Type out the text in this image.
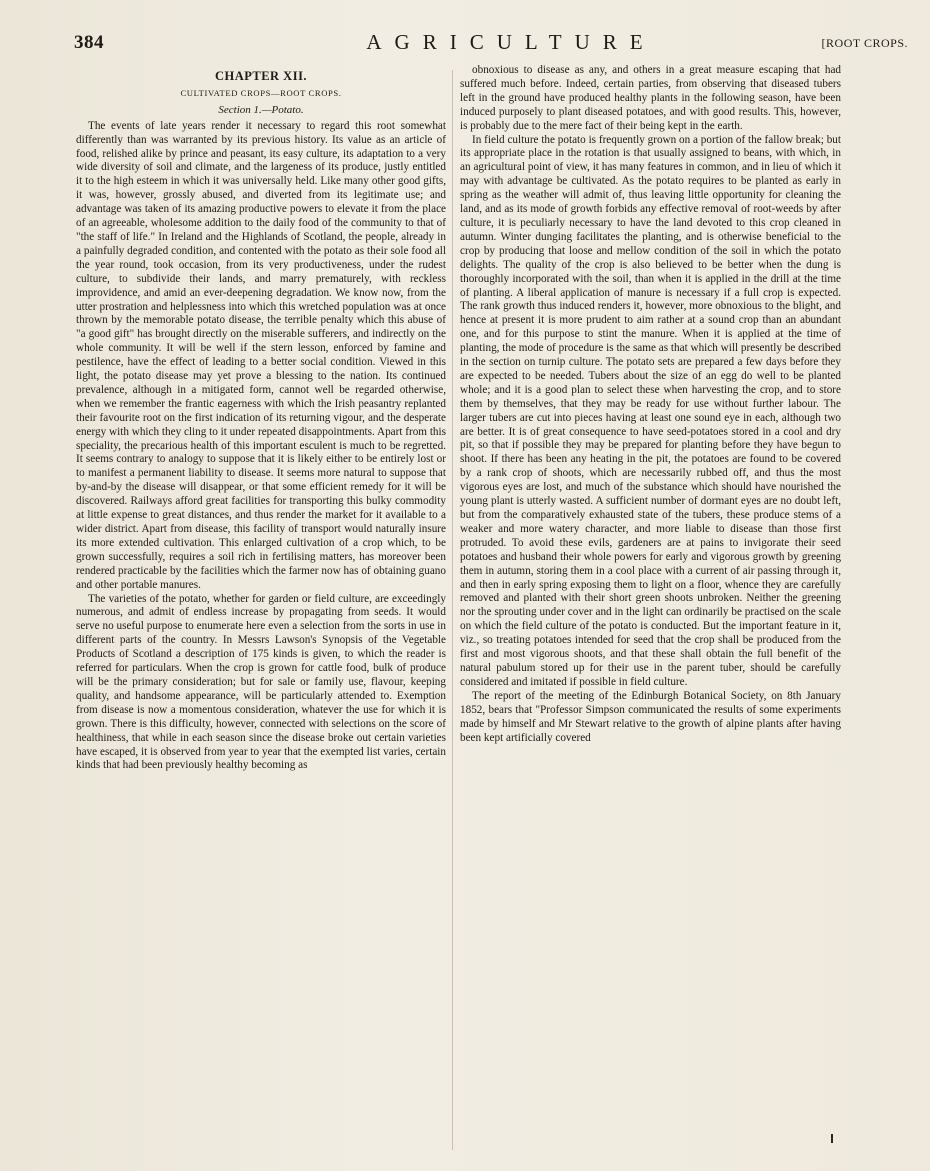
384	AGRICULTURE	[ROOT CROPS.
CHAPTER XII.
CULTIVATED CROPS—ROOT CROPS.
Section 1.—Potato.

The events of late years render it necessary to regard this root somewhat differently than was warranted by its previous history. Its value as an article of food, relished alike by prince and peasant, its easy culture, its adaptation to a very wide diversity of soil and climate, and the largeness of its produce, justly entitled it to the high esteem in which it was universally held. Like many other good gifts, it was, however, grossly abused, and diverted from its legitimate use; and advantage was taken of its amazing productive powers to elevate it from the place of an agreeable, wholesome addition to the daily food of the community to that of "the staff of life." In Ireland and the Highlands of Scotland, the people, already in a painfully degraded condition, and contented with the potato as their sole food all the year round, took occasion, from its very productiveness, under the rudest culture, to subdivide their lands, and marry prematurely, with reckless improvidence, and amid an ever-deepening degradation. We know now, from the utter prostration and helplessness into which this wretched population was at once thrown by the memorable potato disease, the terrible penalty which this abuse of "a good gift" has brought directly on the miserable sufferers, and indirectly on the whole community. It will be well if the stern lesson, enforced by famine and pestilence, have the effect of leading to a better social condition. Viewed in this light, the potato disease may yet prove a blessing to the nation. Its continued prevalence, although in a mitigated form, cannot well be regarded otherwise, when we remember the frantic eagerness with which the Irish peasantry replanted their favourite root on the first indication of its returning vigour, and the desperate energy with which they cling to it under repeated disappointments. Apart from this speciality, the precarious health of this important esculent is much to be regretted. It seems contrary to analogy to suppose that it is likely either to be entirely lost or to manifest a permanent liability to disease. It seems more natural to suppose that by-and-by the disease will disappear, or that some efficient remedy for it will be discovered. Railways afford great facilities for transporting this bulky commodity at little expense to great distances, and thus render the market for it available to a wider district. Apart from disease, this facility of transport would naturally insure its more extended cultivation. This enlarged cultivation of a crop which, to be grown successfully, requires a soil rich in fertilising matters, has moreover been rendered practicable by the facilities which the farmer now has of obtaining guano and other portable manures.

The varieties of the potato, whether for garden or field culture, are exceedingly numerous, and admit of endless increase by propagating from seeds. It would serve no useful purpose to enumerate here even a selection from the sorts in use in different parts of the country. In Messrs Lawson's Synopsis of the Vegetable Products of Scotland a description of 175 kinds is given, to which the reader is referred for particulars. When the crop is grown for cattle food, bulk of produce will be the primary consideration; but for sale or family use, flavour, keeping quality, and handsome appearance, will be particularly attended to. Exemption from disease is now a momentous consideration, whatever the use for which it is grown. There is this difficulty, however, connected with selections on the score of healthiness, that while in each season since the disease broke out certain varieties have escaped, it is observed from year to year that the exempted list varies, certain kinds that had been previously healthy becoming as

obnoxious to disease as any, and others in a great measure escaping that had suffered much before. Indeed, certain parties, from observing that diseased tubers left in the ground have produced healthy plants in the following season, have been induced purposely to plant diseased potatoes, and with good results. This, however, is probably due to the mere fact of their being kept in the earth.

In field culture the potato is frequently grown on a portion of the fallow break; but its appropriate place in the rotation is that usually assigned to beans, with which, in an agricultural point of view, it has many features in common, and in lieu of which it may with advantage be cultivated. As the potato requires to be planted as early in spring as the weather will admit of, thus leaving little opportunity for cleaning the land, and as its mode of growth forbids any effective removal of root-weeds by after culture, it is peculiarly necessary to have the land devoted to this crop cleaned in autumn. Winter dunging facilitates the planting, and is otherwise beneficial to the crop by producing that loose and mellow condition of the soil in which the potato delights. The quality of the crop is also believed to be better when the dung is thoroughly incorporated with the soil, than when it is applied in the drill at the time of planting. A liberal application of manure is necessary if a full crop is expected. The rank growth thus induced renders it, however, more obnoxious to the blight, and hence at present it is more prudent to aim rather at a sound crop than an abundant one, and for this purpose to stint the manure. When it is applied at the time of planting, the mode of procedure is the same as that which will presently be described in the section on turnip culture. The potato sets are prepared a few days before they are expected to be needed. Tubers about the size of an egg do well to be planted whole; and it is a good plan to select these when harvesting the crop, and to store them by themselves, that they may be ready for use without further labour. The larger tubers are cut into pieces having at least one sound eye in each, although two are better. It is of great consequence to have seed-potatoes stored in a cool and dry pit, so that if possible they may be prepared for planting before they have begun to shoot. If there has been any heating in the pit, the potatoes are found to be covered by a rank crop of shoots, which are necessarily rubbed off, and thus the most vigorous eyes are lost, and much of the substance which should have nourished the young plant is utterly wasted. A sufficient number of dormant eyes are no doubt left, but from the comparatively exhausted state of the tubers, these produce stems of a weaker and more watery character, and more liable to disease than those first protruded. To avoid these evils, gardeners are at pains to invigorate their seed potatoes and husband their whole powers for early and vigorous growth by greening them in autumn, storing them in a cool place with a current of air passing through it, and then in early spring exposing them to light on a floor, whence they are carefully removed and planted with their short green shoots unbroken. Neither the greening nor the sprouting under cover and in the light can ordinarily be practised on the scale on which the field culture of the potato is conducted. But the important feature in it, viz., so treating potatoes intended for seed that the crop shall be produced from the first and most vigorous shoots, and that these shall obtain the full benefit of the natural pabulum stored up for their use in the parent tuber, should be carefully considered and imitated if possible in field culture.

The report of the meeting of the Edinburgh Botanical Society, on 8th January 1852, bears that "Professor Simpson communicated the results of some experiments made by himself and Mr Stewart relative to the growth of alpine plants after having been kept artificially covered
